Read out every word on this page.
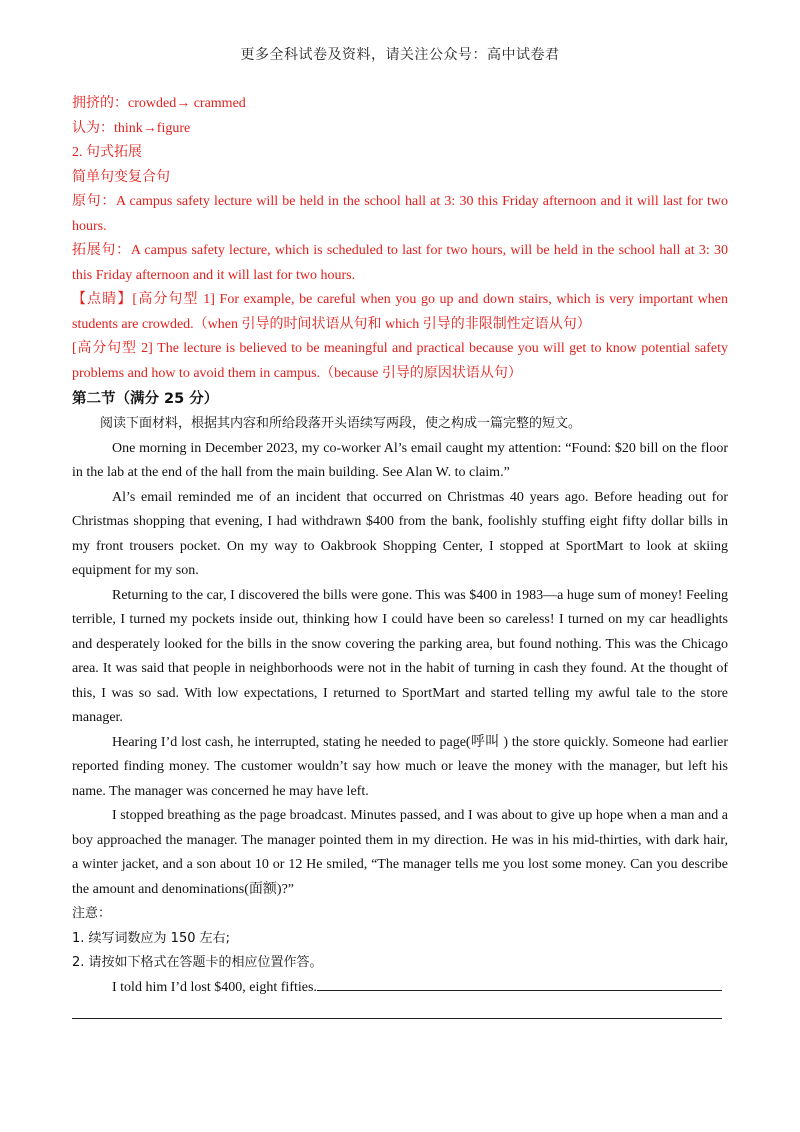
更多全科试卷及资料，请关注公众号：高中试卷君

拥挤的：crowded→ crammed

认为：think→figure

2. 句式拓展

简单句变复合句

原句：A campus safety lecture will be held in the school hall at 3: 30 this Friday afternoon and it will last for two hours.

拓展句：A campus safety lecture, which is scheduled to last for two hours, will be held in the school hall at 3: 30 this Friday afternoon and it will last for two hours.

【点睛】[高分句型 1] For example, be careful when you go up and down stairs, which is very important when students are crowded.（when 引导的时间状语从句和 which 引导的非限制性定语从句）

[高分句型 2] The lecture is believed to be meaningful and practical because you will get to know potential safety problems and how to avoid them in campus.（because 引导的原因状语从句）

第二节（满分 25 分）

阅读下面材料，根据其内容和所给段落开头语续写两段，使之构成一篇完整的短文。

One morning in December 2023, my co-worker Al’s email caught my attention: “Found: $20 bill on the floor in the lab at the end of the hall from the main building. See Alan W. to claim.”

Al’s email reminded me of an incident that occurred on Christmas 40 years ago. Before heading out for Christmas shopping that evening, I had withdrawn $400 from the bank, foolishly stuffing eight fifty dollar bills in my front trousers pocket. On my way to Oakbrook Shopping Center, I stopped at SportMart to look at skiing equipment for my son.

Returning to the car, I discovered the bills were gone. This was $400 in 1983—a huge sum of money! Feeling terrible, I turned my pockets inside out, thinking how I could have been so careless! I turned on my car headlights and desperately looked for the bills in the snow covering the parking area, but found nothing. This was the Chicago area. It was said that people in neighborhoods were not in the habit of turning in cash they found. At the thought of this, I was so sad. With low expectations, I returned to SportMart and started telling my awful tale to the store manager.

Hearing I’d lost cash, he interrupted, stating he needed to page(呼叫 ) the store quickly. Someone had earlier reported finding money. The customer wouldn’t say how much or leave the money with the manager, but left his name. The manager was concerned he may have left.

I stopped breathing as the page broadcast. Minutes passed, and I was about to give up hope when a man and a boy approached the manager. The manager pointed them in my direction. He was in his mid-thirties, with dark hair, a winter jacket, and a son about 10 or 12 He smiled, “The manager tells me you lost some money. Can you describe the amount and denominations(面额)?”

注意：

1. 续写词数应为 150 左右;

2. 请按如下格式在答题卡的相应位置作答。

I told him I’d lost $400, eight fifties.
